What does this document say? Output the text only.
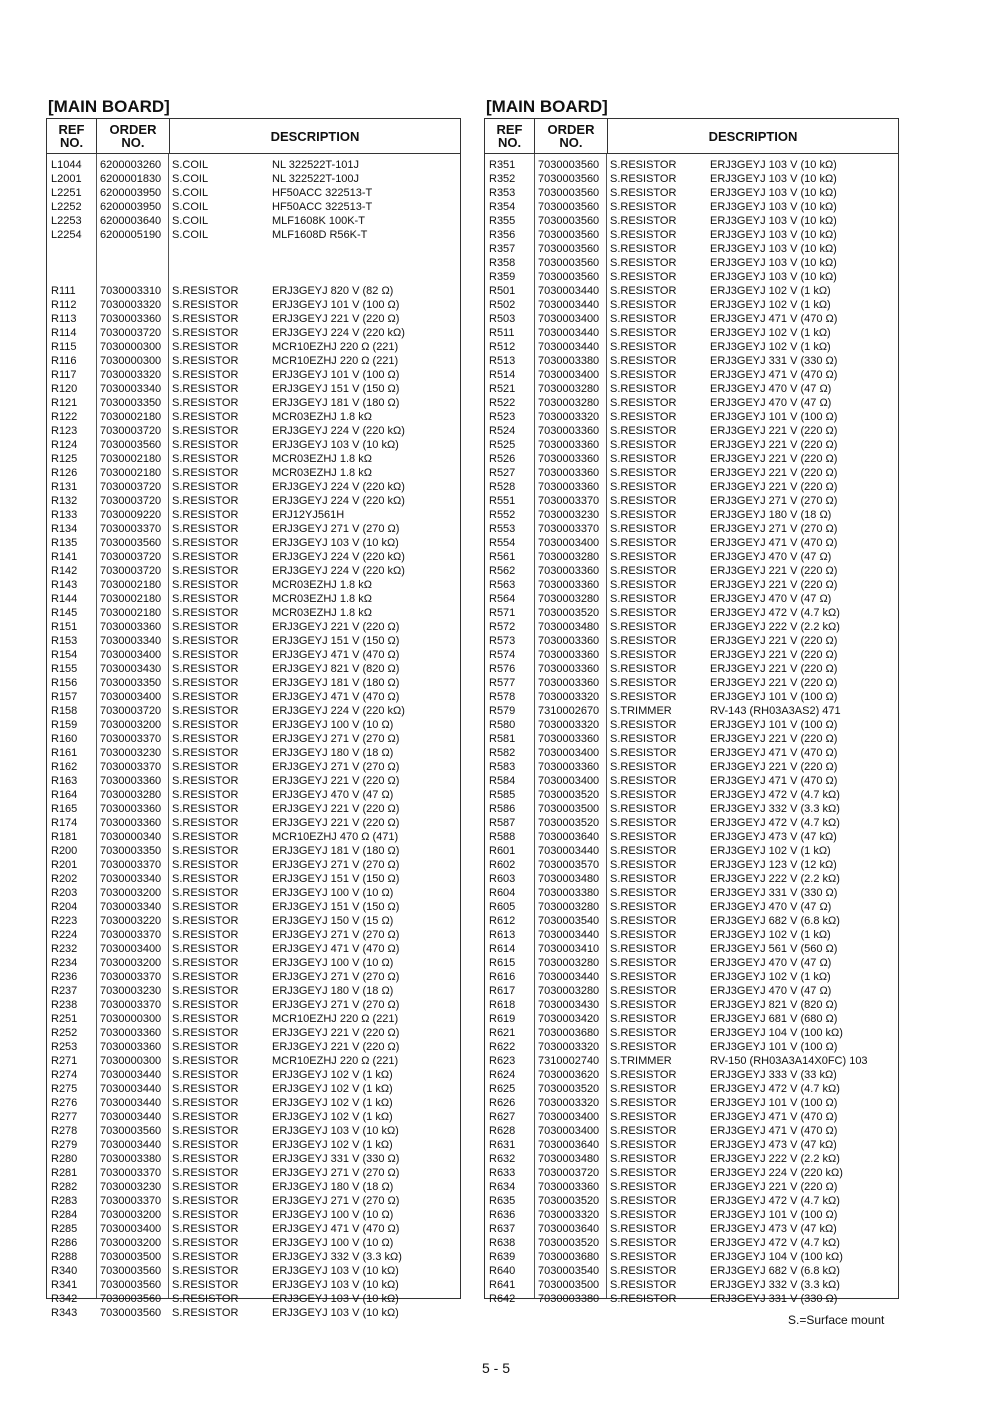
[MAIN BOARD]
REF
NO.
ORDER
NO.	DESCRIPTION
L1044	6200003260 S.COIL	NL 322522T-101J
L2001	6200001830 S.COIL	NL 322522T-100J
L2251	6200003950 S.COIL	HF50ACC 322513-T
L2252	6200003950 S.COIL	HF50ACC 322513-T
L2253	6200003640 S.COIL	MLF1608K 100K-T
L2254	6200005190 S.COIL	MLF1608D R56K-T
R111	7030003310 S.RESISTOR	ERJ3GEYJ 820 V (82 Ω)
R112	7030003320 S.RESISTOR	ERJ3GEYJ 101 V (100 Ω)
R113	7030003360 S.RESISTOR	ERJ3GEYJ 221 V (220 Ω)
R114	7030003720 S.RESISTOR	ERJ3GEYJ 224 V (220 kΩ)
R115	7030000300 S.RESISTOR	MCR10EZHJ 220 Ω (221)
R116	7030000300 S.RESISTOR	MCR10EZHJ 220 Ω (221)
R117	7030003320 S.RESISTOR	ERJ3GEYJ 101 V (100 Ω)
R120	7030003340 S.RESISTOR	ERJ3GEYJ 151 V (150 Ω)
R121	7030003350 S.RESISTOR	ERJ3GEYJ 181 V (180 Ω)
R122	7030002180 S.RESISTOR	MCR03EZHJ 1.8 kΩ
R123	7030003720 S.RESISTOR	ERJ3GEYJ 224 V (220 kΩ)
R124	7030003560 S.RESISTOR	ERJ3GEYJ 103 V (10 kΩ)
R125	7030002180 S.RESISTOR	MCR03EZHJ 1.8 kΩ
R126	7030002180 S.RESISTOR	MCR03EZHJ 1.8 kΩ
R131	7030003720 S.RESISTOR	ERJ3GEYJ 224 V (220 kΩ)
R132	7030003720 S.RESISTOR	ERJ3GEYJ 224 V (220 kΩ)
R133	7030009220 S.RESISTOR	ERJ12YJ561H
R134	7030003370 S.RESISTOR	ERJ3GEYJ 271 V (270 Ω)
R135	7030003560 S.RESISTOR	ERJ3GEYJ 103 V (10 kΩ)
R141	7030003720 S.RESISTOR	ERJ3GEYJ 224 V (220 kΩ)
R142	7030003720 S.RESISTOR	ERJ3GEYJ 224 V (220 kΩ)
R143	7030002180 S.RESISTOR	MCR03EZHJ 1.8 kΩ
R144	7030002180 S.RESISTOR	MCR03EZHJ 1.8 kΩ
R145	7030002180 S.RESISTOR	MCR03EZHJ 1.8 kΩ
R151	7030003360 S.RESISTOR	ERJ3GEYJ 221 V (220 Ω)
R153	7030003340 S.RESISTOR	ERJ3GEYJ 151 V (150 Ω)
R154	7030003400 S.RESISTOR	ERJ3GEYJ 471 V (470 Ω)
R155	7030003430 S.RESISTOR	ERJ3GEYJ 821 V (820 Ω)
R156	7030003350 S.RESISTOR	ERJ3GEYJ 181 V (180 Ω)
R157	7030003400 S.RESISTOR	ERJ3GEYJ 471 V (470 Ω)
R158	7030003720 S.RESISTOR	ERJ3GEYJ 224 V (220 kΩ)
R159	7030003200 S.RESISTOR	ERJ3GEYJ 100 V (10 Ω)
R160	7030003370 S.RESISTOR	ERJ3GEYJ 271 V (270 Ω)
R161	7030003230 S.RESISTOR	ERJ3GEYJ 180 V (18 Ω)
R162	7030003370 S.RESISTOR	ERJ3GEYJ 271 V (270 Ω)
R163	7030003360 S.RESISTOR	ERJ3GEYJ 221 V (220 Ω)
R164	7030003280 S.RESISTOR	ERJ3GEYJ 470 V (47 Ω)
R165	7030003360 S.RESISTOR	ERJ3GEYJ 221 V (220 Ω)
R174	7030003360 S.RESISTOR	ERJ3GEYJ 221 V (220 Ω)
R181	7030000340 S.RESISTOR	MCR10EZHJ 470 Ω (471)
R200	7030003350 S.RESISTOR	ERJ3GEYJ 181 V (180 Ω)
R201	7030003370 S.RESISTOR	ERJ3GEYJ 271 V (270 Ω)
R202	7030003340 S.RESISTOR	ERJ3GEYJ 151 V (150 Ω)
R203	7030003200 S.RESISTOR	ERJ3GEYJ 100 V (10 Ω)
R204	7030003340 S.RESISTOR	ERJ3GEYJ 151 V (150 Ω)
R223	7030003220 S.RESISTOR	ERJ3GEYJ 150 V (15 Ω)
R224	7030003370 S.RESISTOR	ERJ3GEYJ 271 V (270 Ω)
R232	7030003400 S.RESISTOR	ERJ3GEYJ 471 V (470 Ω)
R234	7030003200 S.RESISTOR	ERJ3GEYJ 100 V (10 Ω)
R236	7030003370 S.RESISTOR	ERJ3GEYJ 271 V (270 Ω)
R237	7030003230 S.RESISTOR	ERJ3GEYJ 180 V (18 Ω)
R238	7030003370 S.RESISTOR	ERJ3GEYJ 271 V (270 Ω)
R251	7030000300 S.RESISTOR	MCR10EZHJ 220 Ω (221)
R252	7030003360 S.RESISTOR	ERJ3GEYJ 221 V (220 Ω)
R253	7030003360 S.RESISTOR	ERJ3GEYJ 221 V (220 Ω)
R271	7030000300 S.RESISTOR	MCR10EZHJ 220 Ω (221)
R274	7030003440 S.RESISTOR	ERJ3GEYJ 102 V (1 kΩ)
R275	7030003440 S.RESISTOR	ERJ3GEYJ 102 V (1 kΩ)
R276	7030003440 S.RESISTOR	ERJ3GEYJ 102 V (1 kΩ)
R277	7030003440 S.RESISTOR	ERJ3GEYJ 102 V (1 kΩ)
R278	7030003560 S.RESISTOR	ERJ3GEYJ 103 V (10 kΩ)
R279	7030003440 S.RESISTOR	ERJ3GEYJ 102 V (1 kΩ)
R280	7030003380 S.RESISTOR	ERJ3GEYJ 331 V (330 Ω)
R281	7030003370 S.RESISTOR	ERJ3GEYJ 271 V (270 Ω)
R282	7030003230 S.RESISTOR	ERJ3GEYJ 180 V (18 Ω)
R283	7030003370 S.RESISTOR	ERJ3GEYJ 271 V (270 Ω)
R284	7030003200 S.RESISTOR	ERJ3GEYJ 100 V (10 Ω)
R285	7030003400 S.RESISTOR	ERJ3GEYJ 471 V (470 Ω)
R286	7030003200 S.RESISTOR	ERJ3GEYJ 100 V (10 Ω)
R288	7030003500 S.RESISTOR	ERJ3GEYJ 332 V (3.3 kΩ)
R340	7030003560 S.RESISTOR	ERJ3GEYJ 103 V (10 kΩ)
R341	7030003560 S.RESISTOR	ERJ3GEYJ 103 V (10 kΩ)
R342	7030003560 S.RESISTOR	ERJ3GEYJ 103 V (10 kΩ)
R343	7030003560 S.RESISTOR	ERJ3GEYJ 103 V (10 kΩ)
[MAIN BOARD]
REF
NO.
ORDER
NO.	DESCRIPTION
R351	7030003560 S.RESISTOR	ERJ3GEYJ 103 V (10 kΩ)
R352	7030003560 S.RESISTOR	ERJ3GEYJ 103 V (10 kΩ)
R353	7030003560 S.RESISTOR	ERJ3GEYJ 103 V (10 kΩ)
R354	7030003560 S.RESISTOR	ERJ3GEYJ 103 V (10 kΩ)
R355	7030003560 S.RESISTOR	ERJ3GEYJ 103 V (10 kΩ)
R356	7030003560 S.RESISTOR	ERJ3GEYJ 103 V (10 kΩ)
R357	7030003560 S.RESISTOR	ERJ3GEYJ 103 V (10 kΩ)
R358	7030003560 S.RESISTOR	ERJ3GEYJ 103 V (10 kΩ)
R359	7030003560 S.RESISTOR	ERJ3GEYJ 103 V (10 kΩ)
R501	7030003440 S.RESISTOR	ERJ3GEYJ 102 V (1 kΩ)
R502	7030003440 S.RESISTOR	ERJ3GEYJ 102 V (1 kΩ)
R503	7030003400 S.RESISTOR	ERJ3GEYJ 471 V (470 Ω)
R511	7030003440 S.RESISTOR	ERJ3GEYJ 102 V (1 kΩ)
R512	7030003440 S.RESISTOR	ERJ3GEYJ 102 V (1 kΩ)
R513	7030003380 S.RESISTOR	ERJ3GEYJ 331 V (330 Ω)
R514	7030003400 S.RESISTOR	ERJ3GEYJ 471 V (470 Ω)
R521	7030003280 S.RESISTOR	ERJ3GEYJ 470 V (47 Ω)
R522	7030003280 S.RESISTOR	ERJ3GEYJ 470 V (47 Ω)
R523	7030003320 S.RESISTOR	ERJ3GEYJ 101 V (100 Ω)
R524	7030003360 S.RESISTOR	ERJ3GEYJ 221 V (220 Ω)
R525	7030003360 S.RESISTOR	ERJ3GEYJ 221 V (220 Ω)
R526	7030003360 S.RESISTOR	ERJ3GEYJ 221 V (220 Ω)
R527	7030003360 S.RESISTOR	ERJ3GEYJ 221 V (220 Ω)
R528	7030003360 S.RESISTOR	ERJ3GEYJ 221 V (220 Ω)
R551	7030003370 S.RESISTOR	ERJ3GEYJ 271 V (270 Ω)
R552	7030003230 S.RESISTOR	ERJ3GEYJ 180 V (18 Ω)
R553	7030003370 S.RESISTOR	ERJ3GEYJ 271 V (270 Ω)
R554	7030003400 S.RESISTOR	ERJ3GEYJ 471 V (470 Ω)
R561	7030003280 S.RESISTOR	ERJ3GEYJ 470 V (47 Ω)
R562	7030003360 S.RESISTOR	ERJ3GEYJ 221 V (220 Ω)
R563	7030003360 S.RESISTOR	ERJ3GEYJ 221 V (220 Ω)
R564	7030003280 S.RESISTOR	ERJ3GEYJ 470 V (47 Ω)
R571	7030003520 S.RESISTOR	ERJ3GEYJ 472 V (4.7 kΩ)
R572	7030003480 S.RESISTOR	ERJ3GEYJ 222 V (2.2 kΩ)
R573	7030003360 S.RESISTOR	ERJ3GEYJ 221 V (220 Ω)
R574	7030003360 S.RESISTOR	ERJ3GEYJ 221 V (220 Ω)
R576	7030003360 S.RESISTOR	ERJ3GEYJ 221 V (220 Ω)
R577	7030003360 S.RESISTOR	ERJ3GEYJ 221 V (220 Ω)
R578	7030003320 S.RESISTOR	ERJ3GEYJ 101 V (100 Ω)
R579	7310002670 S.TRIMMER	RV-143 (RH03A3AS2) 471
R580	7030003320 S.RESISTOR	ERJ3GEYJ 101 V (100 Ω)
R581	7030003360 S.RESISTOR	ERJ3GEYJ 221 V (220 Ω)
R582	7030003400 S.RESISTOR	ERJ3GEYJ 471 V (470 Ω)
R583	7030003360 S.RESISTOR	ERJ3GEYJ 221 V (220 Ω)
R584	7030003400 S.RESISTOR	ERJ3GEYJ 471 V (470 Ω)
R585	7030003520 S.RESISTOR	ERJ3GEYJ 472 V (4.7 kΩ)
R586	7030003500 S.RESISTOR	ERJ3GEYJ 332 V (3.3 kΩ)
R587	7030003520 S.RESISTOR	ERJ3GEYJ 472 V (4.7 kΩ)
R588	7030003640 S.RESISTOR	ERJ3GEYJ 473 V (47 kΩ)
R601	7030003440 S.RESISTOR	ERJ3GEYJ 102 V (1 kΩ)
R602	7030003570 S.RESISTOR	ERJ3GEYJ 123 V (12 kΩ)
R603	7030003480 S.RESISTOR	ERJ3GEYJ 222 V (2.2 kΩ)
R604	7030003380 S.RESISTOR	ERJ3GEYJ 331 V (330 Ω)
R605	7030003280 S.RESISTOR	ERJ3GEYJ 470 V (47 Ω)
R612	7030003540 S.RESISTOR	ERJ3GEYJ 682 V (6.8 kΩ)
R613	7030003440 S.RESISTOR	ERJ3GEYJ 102 V (1 kΩ)
R614	7030003410 S.RESISTOR	ERJ3GEYJ 561 V (560 Ω)
R615	7030003280 S.RESISTOR	ERJ3GEYJ 470 V (47 Ω)
R616	7030003440 S.RESISTOR	ERJ3GEYJ 102 V (1 kΩ)
R617	7030003280 S.RESISTOR	ERJ3GEYJ 470 V (47 Ω)
R618	7030003430 S.RESISTOR	ERJ3GEYJ 821 V (820 Ω)
R619	7030003420 S.RESISTOR	ERJ3GEYJ 681 V (680 Ω)
R621	7030003680 S.RESISTOR	ERJ3GEYJ 104 V (100 kΩ)
R622	7030003320 S.RESISTOR	ERJ3GEYJ 101 V (100 Ω)
R623	7310002740 S.TRIMMER	RV-150 (RH03A3A14X0FC) 103
R624	7030003620 S.RESISTOR	ERJ3GEYJ 333 V (33 kΩ)
R625	7030003520 S.RESISTOR	ERJ3GEYJ 472 V (4.7 kΩ)
R626	7030003320 S.RESISTOR	ERJ3GEYJ 101 V (100 Ω)
R627	7030003400 S.RESISTOR	ERJ3GEYJ 471 V (470 Ω)
R628	7030003400 S.RESISTOR	ERJ3GEYJ 471 V (470 Ω)
R631	7030003640 S.RESISTOR	ERJ3GEYJ 473 V (47 kΩ)
R632	7030003480 S.RESISTOR	ERJ3GEYJ 222 V (2.2 kΩ)
R633	7030003720 S.RESISTOR	ERJ3GEYJ 224 V (220 kΩ)
R634	7030003360 S.RESISTOR	ERJ3GEYJ 221 V (220 Ω)
R635	7030003520 S.RESISTOR	ERJ3GEYJ 472 V (4.7 kΩ)
R636	7030003320 S.RESISTOR	ERJ3GEYJ 101 V (100 Ω)
R637	7030003640 S.RESISTOR	ERJ3GEYJ 473 V (47 kΩ)
R638	7030003520 S.RESISTOR	ERJ3GEYJ 472 V (4.7 kΩ)
R639	7030003680 S.RESISTOR	ERJ3GEYJ 104 V (100 kΩ)
R640	7030003540 S.RESISTOR	ERJ3GEYJ 682 V (6.8 kΩ)
R641	7030003500 S.RESISTOR	ERJ3GEYJ 332 V (3.3 kΩ)
R642	7030003380 S.RESISTOR	ERJ3GEYJ 331 V (330 Ω)
S.=Surface mount
5 - 5
